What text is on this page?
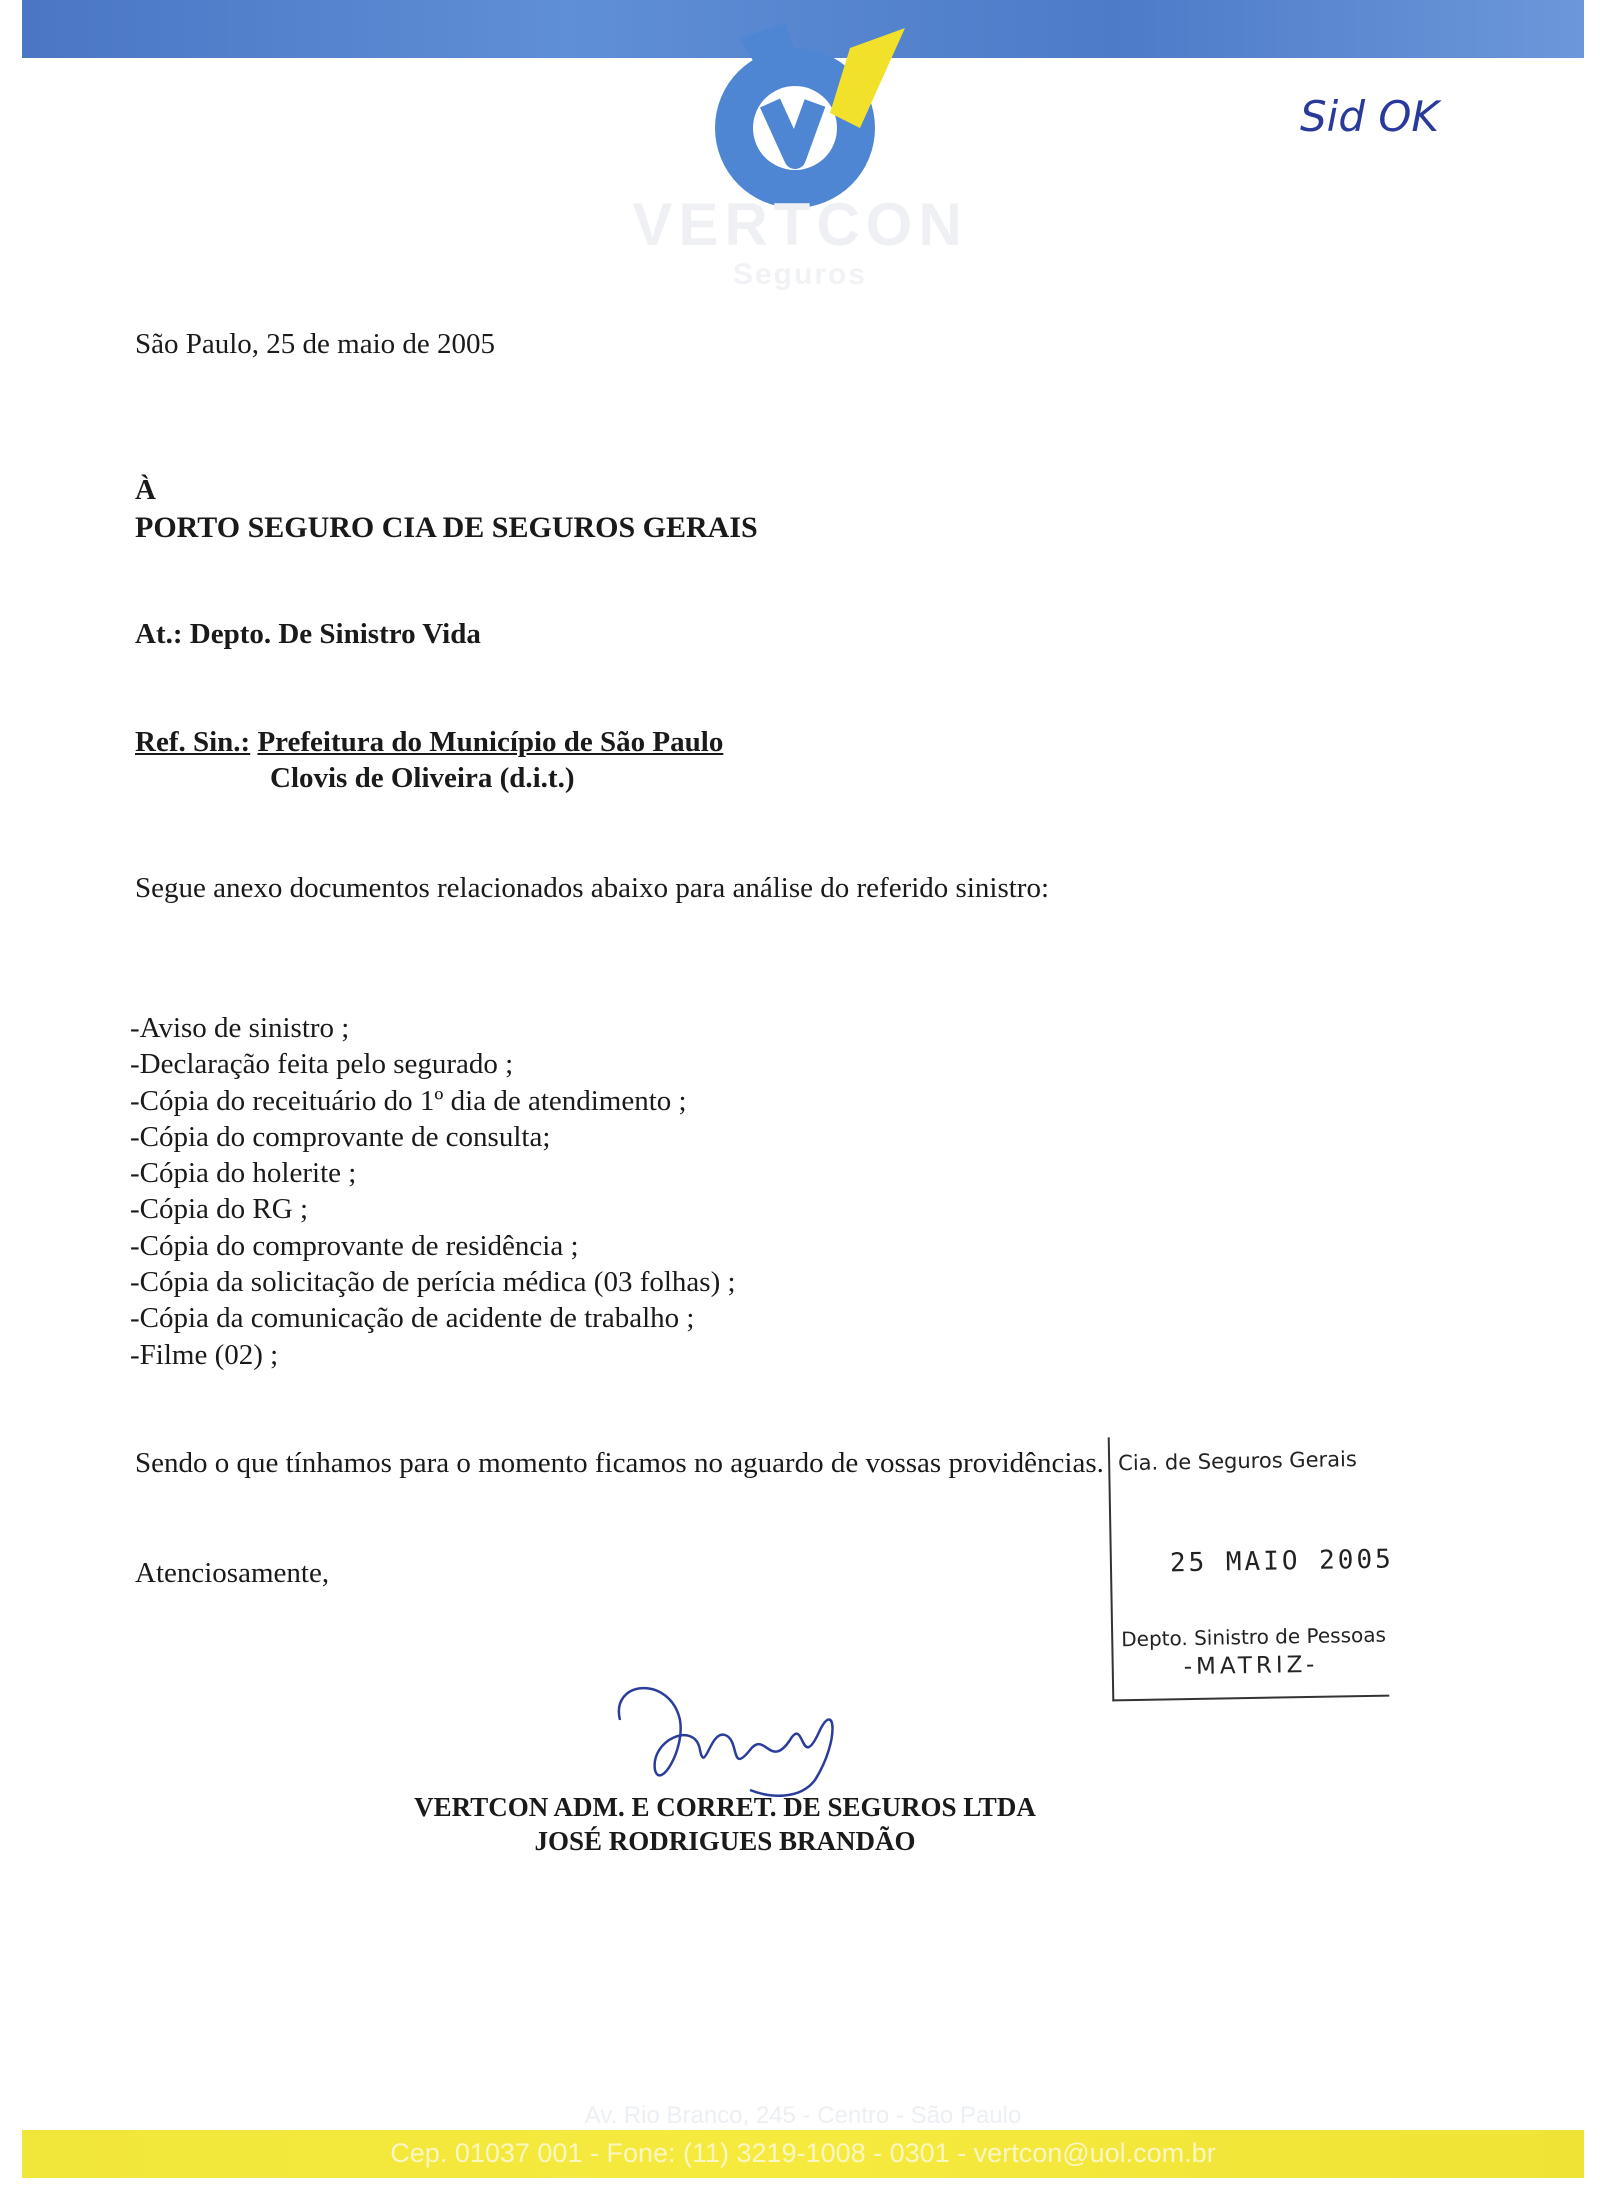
VERTCON
Seguros
Sid OK
São Paulo, 25 de maio de 2005
À
PORTO SEGURO CIA DE SEGUROS GERAIS
At.: Depto. De Sinistro Vida
Ref. Sin.: Prefeitura do Município de São Paulo
Clovis de Oliveira (d.i.t.)
Segue anexo documentos relacionados abaixo para análise do referido sinistro:
-Aviso de sinistro ;
-Declaração feita pelo segurado ;
-Cópia do receituário do 1º dia de atendimento ;
-Cópia do comprovante de consulta;
-Cópia do holerite ;
-Cópia do RG ;
-Cópia do comprovante de residência ;
-Cópia da solicitação de perícia médica (03 folhas) ;
-Cópia da comunicação de acidente de trabalho ;
-Filme (02) ;
Sendo o que tínhamos para o momento ficamos no aguardo de vossas providências.
Atenciosamente,
Cia. de Seguros Gerais
25 MAIO 2005
Depto. Sinistro de Pessoas
-MATRIZ-
VERTCON ADM. E CORRET. DE SEGUROS LTDA
JOSÉ RODRIGUES BRANDÃO
Av. Rio Branco, 245 - Centro - São Paulo
Cep. 01037 001 - Fone: (11) 3219-1008 - 0301 - vertcon@uol.com.br
